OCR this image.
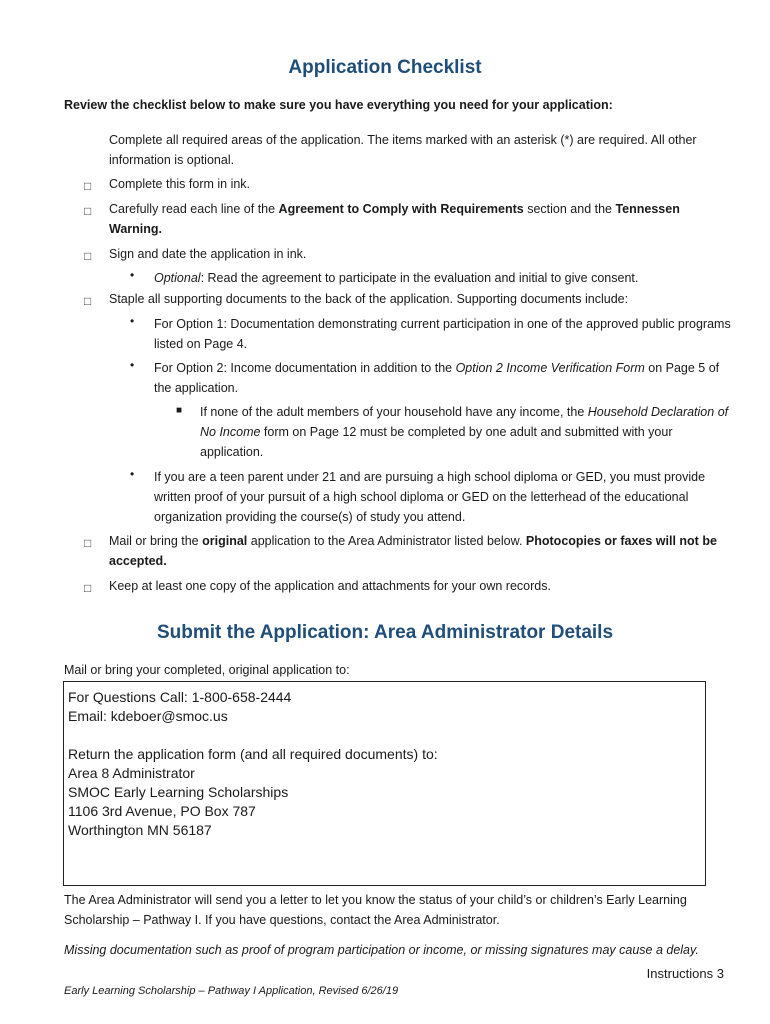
Application Checklist

Review the checklist below to make sure you have everything you need for your application:

Complete all required areas of the application. The items marked with an asterisk (*) are required. All other information is optional.

□ Complete this form in ink.

□ Carefully read each line of the Agreement to Comply with Requirements section and the Tennessen Warning.

□ Sign and date the application in ink.

• Optional: Read the agreement to participate in the evaluation and initial to give consent.

□ Staple all supporting documents to the back of the application. Supporting documents include:

• For Option 1: Documentation demonstrating current participation in one of the approved public programs listed on Page 4.

• For Option 2: Income documentation in addition to the Option 2 Income Verification Form on Page 5 of the application.

■ If none of the adult members of your household have any income, the Household Declaration of No Income form on Page 12 must be completed by one adult and submitted with your application.

• If you are a teen parent under 21 and are pursuing a high school diploma or GED, you must provide written proof of your pursuit of a high school diploma or GED on the letterhead of the educational organization providing the course(s) of study you attend.

□ Mail or bring the original application to the Area Administrator listed below. Photocopies or faxes will not be accepted.

□ Keep at least one copy of the application and attachments for your own records.

Submit the Application: Area Administrator Details

Mail or bring your completed, original application to:

For Questions Call: 1-800-658-2444

Email: kdeboer@smoc.us

Return the application form (and all required documents) to:

Area 8 Administrator

SMOC Early Learning Scholarships

1106 3rd Avenue, PO Box 787

Worthington MN 56187

The Area Administrator will send you a letter to let you know the status of your child’s or children’s Early Learning Scholarship – Pathway I. If you have questions, contact the Area Administrator.

Missing documentation such as proof of program participation or income, or missing signatures may cause a delay.

Instructions 3

Early Learning Scholarship – Pathway I Application, Revised 6/26/19
